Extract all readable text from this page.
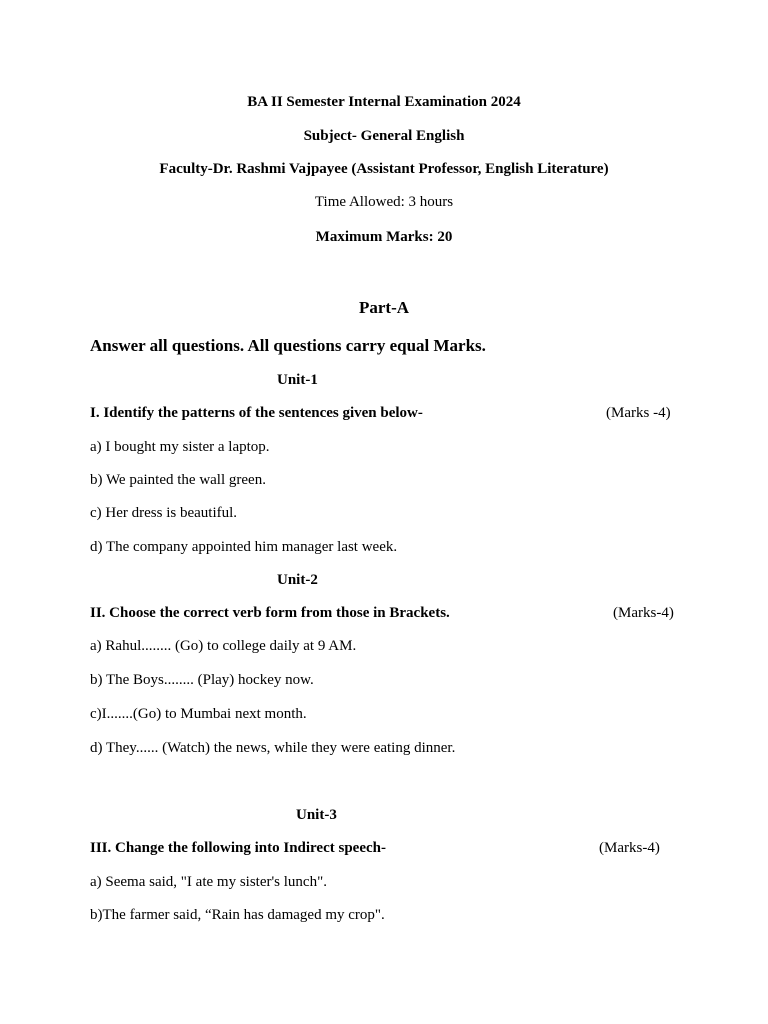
BA II Semester Internal Examination 2024
Subject- General English
Faculty-Dr. Rashmi Vajpayee (Assistant Professor, English Literature)
Time Allowed: 3 hours
Maximum Marks: 20
Part-A
Answer all questions. All questions carry equal Marks.
Unit-1
I. Identify the patterns of the sentences given below-	(Marks -4)
a) I bought my sister a laptop.
b) We painted the wall green.
c) Her dress is beautiful.
d) The company appointed him manager last week.
Unit-2
II. Choose the correct verb form from those in Brackets.	(Marks-4)
a) Rahul........ (Go) to college daily at 9 AM.
b) The Boys........ (Play) hockey now.
c)I.......(Go) to Mumbai next month.
d) They...... (Watch) the news, while they were eating dinner.
Unit-3
III. Change the following into Indirect speech-	(Marks-4)
a) Seema said, "I ate my sister's lunch".
b)The farmer said, “Rain has damaged my crop".
